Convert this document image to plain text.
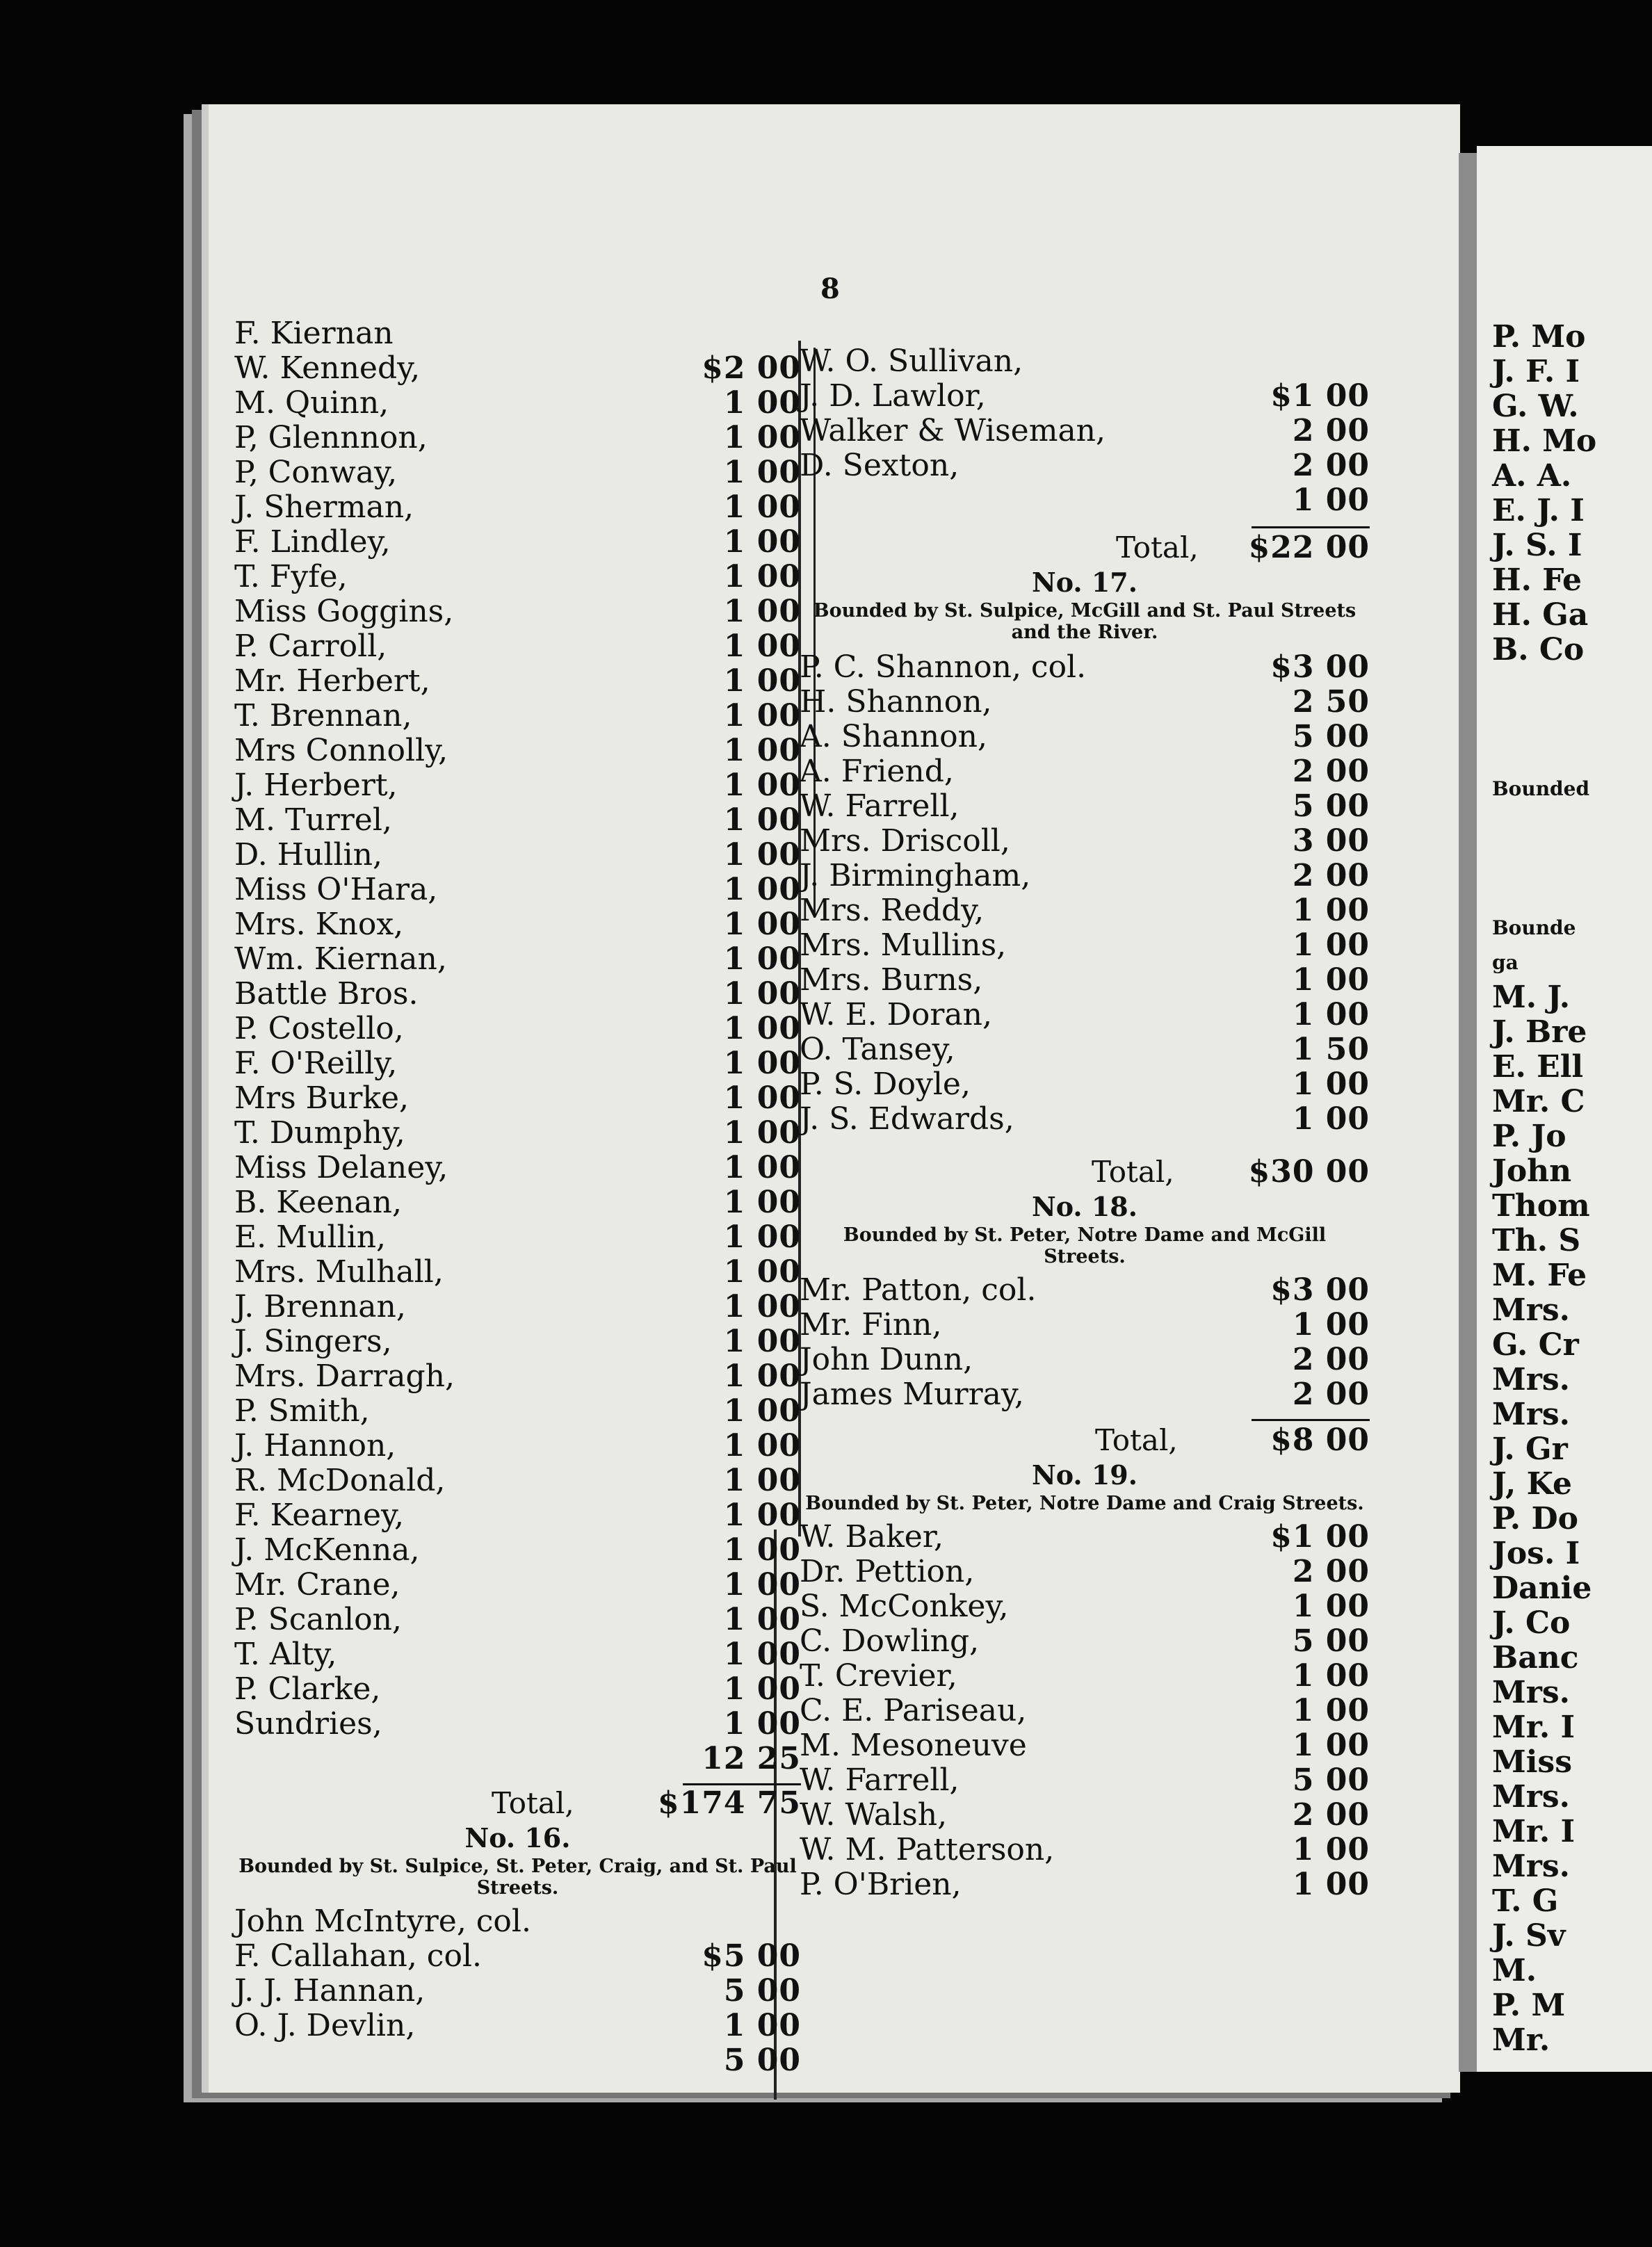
8
F. Kiernan
W. Kennedy,	$2 00
M. Quinn,	1 00
P, Glennnon,	1 00
P, Conway,	1 00
J. Sherman,	1 00
F. Lindley,	1 00
T. Fyfe,	1 00
Miss Goggins,	1 00
P. Carroll,	1 00
Mr. Herbert,	1 00
T. Brennan,	1 00
Mrs Connolly,	1 00
J. Herbert,	1 00
M. Turrel,	1 00
D. Hullin,	1 00
Miss O'Hara,	1 00
Mrs. Knox,	1 00
Wm. Kiernan,	1 00
Battle Bros.	1 00
P. Costello,	1 00
F. O'Reilly,	1 00
Mrs Burke,	1 00
T. Dumphy,	1 00
Miss Delaney,	1 00
B. Keenan,	1 00
E. Mullin,	1 00
Mrs. Mulhall,	1 00
J. Brennan,	1 00
J. Singers,	1 00
Mrs. Darragh,	1 00
P. Smith,	1 00
J. Hannon,	1 00
R. McDonald,	1 00
F. Kearney,	1 00
J. McKenna,	1 00
Mr. Crane,	1 00
P. Scanlon,	1 00
T. Alty,	1 00
P. Clarke,	1 00
Sundries,	1 00
12 25
Total,	$174 75
No. 16.
Bounded by St. Sulpice, St. Peter, Craig, and St. Paul Streets.
John McIntyre, col.
F. Callahan, col.	$5 00
J. J. Hannan,	5 00
O. J. Devlin,	1 00
5 00
W. O. Sullivan,
J. D. Lawlor,	$1 00
Walker & Wiseman,	2 00
D. Sexton,	2 00
1 00
Total, $22 00
No. 17.
Bounded by St. Sulpice, McGill and St. Paul Streets and the River.
P. C. Shannon, col.	$3 00
H. Shannon,	2 50
A. Shannon,	5 00
A. Friend,	2 00
W. Farrell,	5 00
Mrs. Driscoll,	3 00
J. Birmingham,	2 00
Mrs. Reddy,	1 00
Mrs. Mullins,	1 00
Mrs. Burns,	1 00
W. E. Doran,	1 00
O. Tansey,	1 50
P. S. Doyle,	1 00
J. S. Edwards,	1 00
Total, $30 00
No. 18.
Bounded by St. Peter, Notre Dame and McGill Streets.
Mr. Patton, col.	$3 00
Mr. Finn,	1 00
John Dunn,	2 00
James Murray,	2 00
Total,	$8 00
No. 19.
Bounded by St. Peter, Notre Dame and Craig Streets.
W. Baker,	$1 00
Dr. Pettion,	2 00
S. McConkey,	1 00
C. Dowling,	5 00
T. Crevier,	1 00
C. E. Pariseau,	1 00
M. Mesoneuve	1 00
W. Farrell,	5 00
W. Walsh,	2 00
W. M. Patterson,	1 00
P. O'Brien,	1 00
P. Mo
J. F. I
G. W.
H. Mo
A. A.
E. J. I
J. S. I
H. Fe
H. Ga
B. Co
Bounded
Bounde
ga
M. J.
J. Bre
E. Ell
Mr. C
P. Jo
John
Thom
Th. S
M. Fe
Mrs.
G. Cr
Mrs.
Mrs.
J. Gr
J, Ke
P. Do
Jos. I
Danie
J. Co
Banc
Mrs.
Mr. I
Miss
Mrs.
Mr. I
Mrs.
T. G
J. Sv
M.
P. M
Mr.
